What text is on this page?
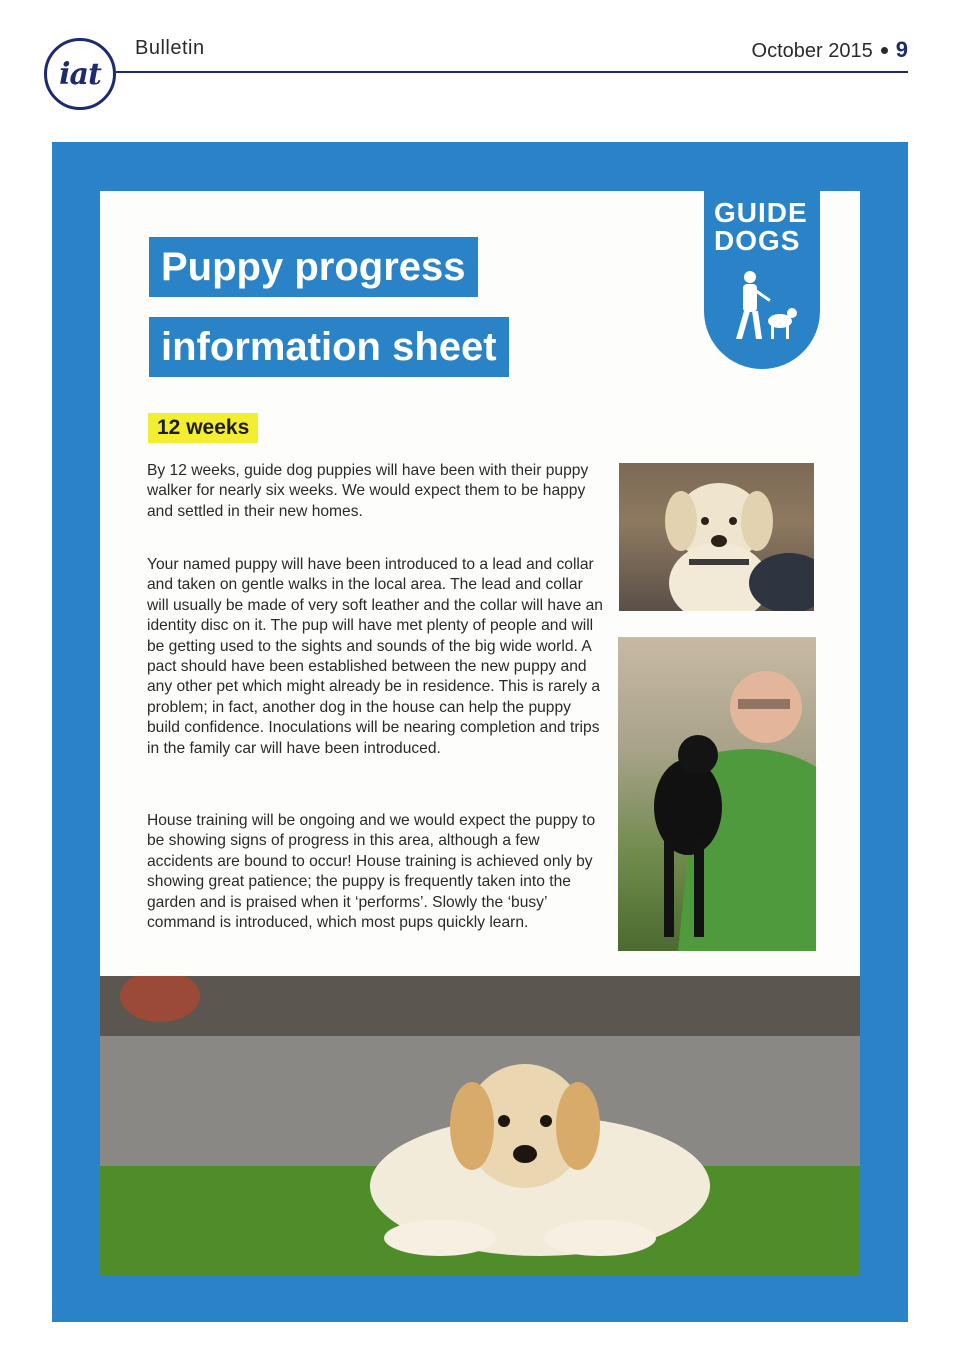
iat
Bulletin	October 2015 9
Puppy progress
information sheet
GUIDE DOGS
12 weeks

By 12 weeks, guide dog puppies will have been with their puppy walker for nearly six weeks. We would expect them to be happy and settled in their new homes.

Your named puppy will have been introduced to a lead and collar and taken on gentle walks in the local area. The lead and collar will usually be made of very soft leather and the collar will have an identity disc on it. The pup will have met plenty of people and will be getting used to the sights and sounds of the big wide world. A pact should have been established between the new puppy and any other pet which might already be in residence. This is rarely a problem; in fact, another dog in the house can help the puppy build confidence. Inoculations will be nearing completion and trips in the family car will have been introduced.

House training will be ongoing and we would expect the puppy to be showing signs of progress in this area, although a few accidents are bound to occur! House training is achieved only by showing great patience; the puppy is frequently taken into the garden and is praised when it ‘performs’. Slowly the ‘busy’ command is introduced, which most pups quickly learn.
